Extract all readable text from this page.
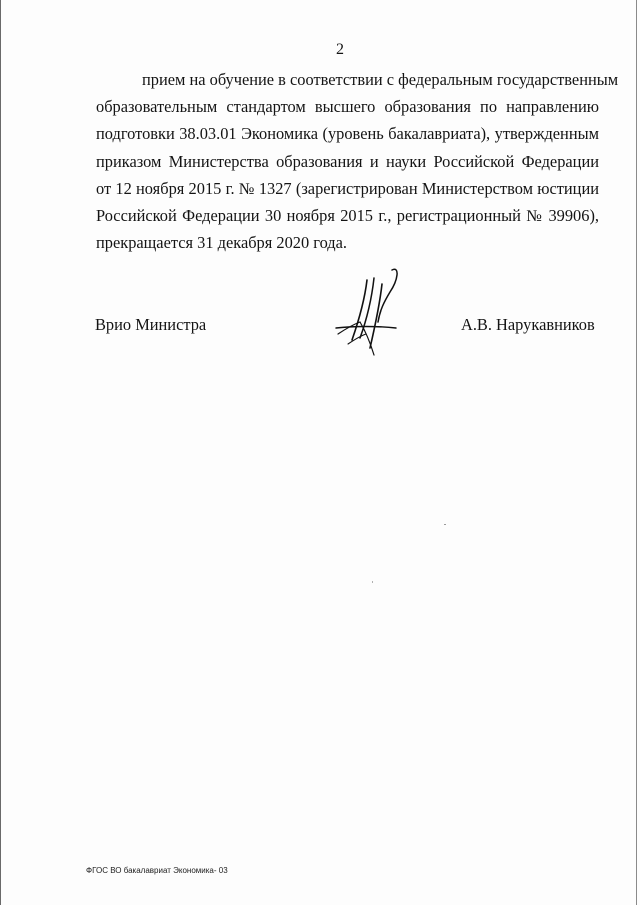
2
прием на обучение в соответствии с федеральным государственным
образовательным стандартом высшего образования по направлению
подготовки 38.03.01 Экономика (уровень бакалавриата), утвержденным
приказом Министерства образования и науки Российской Федерации
от 12 ноября 2015 г. № 1327 (зарегистрирован Министерством юстиции
Российской Федерации 30 ноября 2015 г., регистрационный № 39906),
прекращается 31 декабря 2020 года.
Врио Министра	А.В. Нарукавников
ФГОС ВО бакалавриат Экономика- 03
